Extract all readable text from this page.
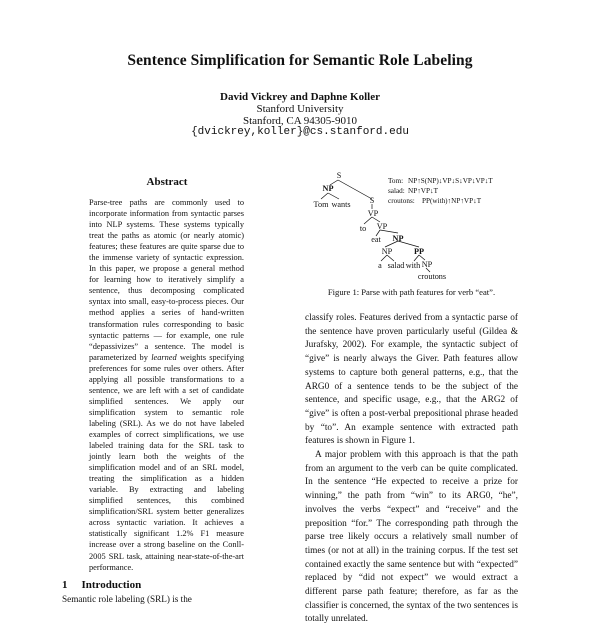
Sentence Simplification for Semantic Role Labeling
David Vickrey and Daphne Koller
Stanford University
Stanford, CA 94305-9010
{dvickrey,koller}@cs.stanford.edu
Abstract
Parse-tree paths are commonly used to incorporate information from syntactic parses into NLP systems. These systems typically treat the paths as atomic (or nearly atomic) features; these features are quite sparse due to the immense variety of syntactic expression. In this paper, we propose a general method for learning how to iteratively simplify a sentence, thus decomposing complicated syntax into small, easy-to-process pieces. Our method applies a series of hand-written transformation rules corresponding to basic syntactic patterns — for example, one rule “depassivizes” a sentence. The model is parameterized by learned weights specifying preferences for some rules over others. After applying all possible transformations to a sentence, we are left with a set of candidate simplified sentences. We apply our simplification system to semantic role labeling (SRL). As we do not have labeled examples of correct simplifications, we use labeled training data for the SRL task to jointly learn both the weights of the simplification model and of an SRL model, treating the simplification as a hidden variable. By extracting and labeling simplified sentences, this combined simplification/SRL system better generalizes across syntactic variation. It achieves a statistically significant 1.2% F1 measure increase over a strong baseline on the Conll-2005 SRL task, attaining near-state-of-the-art performance.
1 Introduction
Semantic role labeling (SRL) is the
S
NP
Tom wants S
VP
to VP
eat NP
NP	PP
a salad with NP
croutons
Tom: NP↑S(NP)↓VP↓S↓VP↓VP↓T
salad: NP↑VP↓T
croutons: PP(with)↑NP↑VP↓T
Figure 1: Parse with path features for verb “eat”.

classify roles. Features derived from a syntactic parse of the sentence have proven particularly useful (Gildea & Jurafsky, 2002). For example, the syntactic subject of “give” is nearly always the Giver. Path features allow systems to capture both general patterns, e.g., that the ARG0 of a sentence tends to be the subject of the sentence, and specific usage, e.g., that the ARG2 of “give” is often a post-verbal prepositional phrase headed by “to”. An example sentence with extracted path features is shown in Figure 1.

A major problem with this approach is that the path from an argument to the verb can be quite complicated. In the sentence “He expected to receive a prize for winning,” the path from “win” to its ARG0, “he”, involves the verbs “expect” and “receive” and the preposition “for.” The corresponding path through the parse tree likely occurs a relatively small number of times (or not at all) in the training corpus. If the test set contained exactly the same sentence but with “expected” replaced by “did not expect” we would extract a different parse path feature; therefore, as far as the classifier is concerned, the syntax of the two sentences is totally unrelated.
